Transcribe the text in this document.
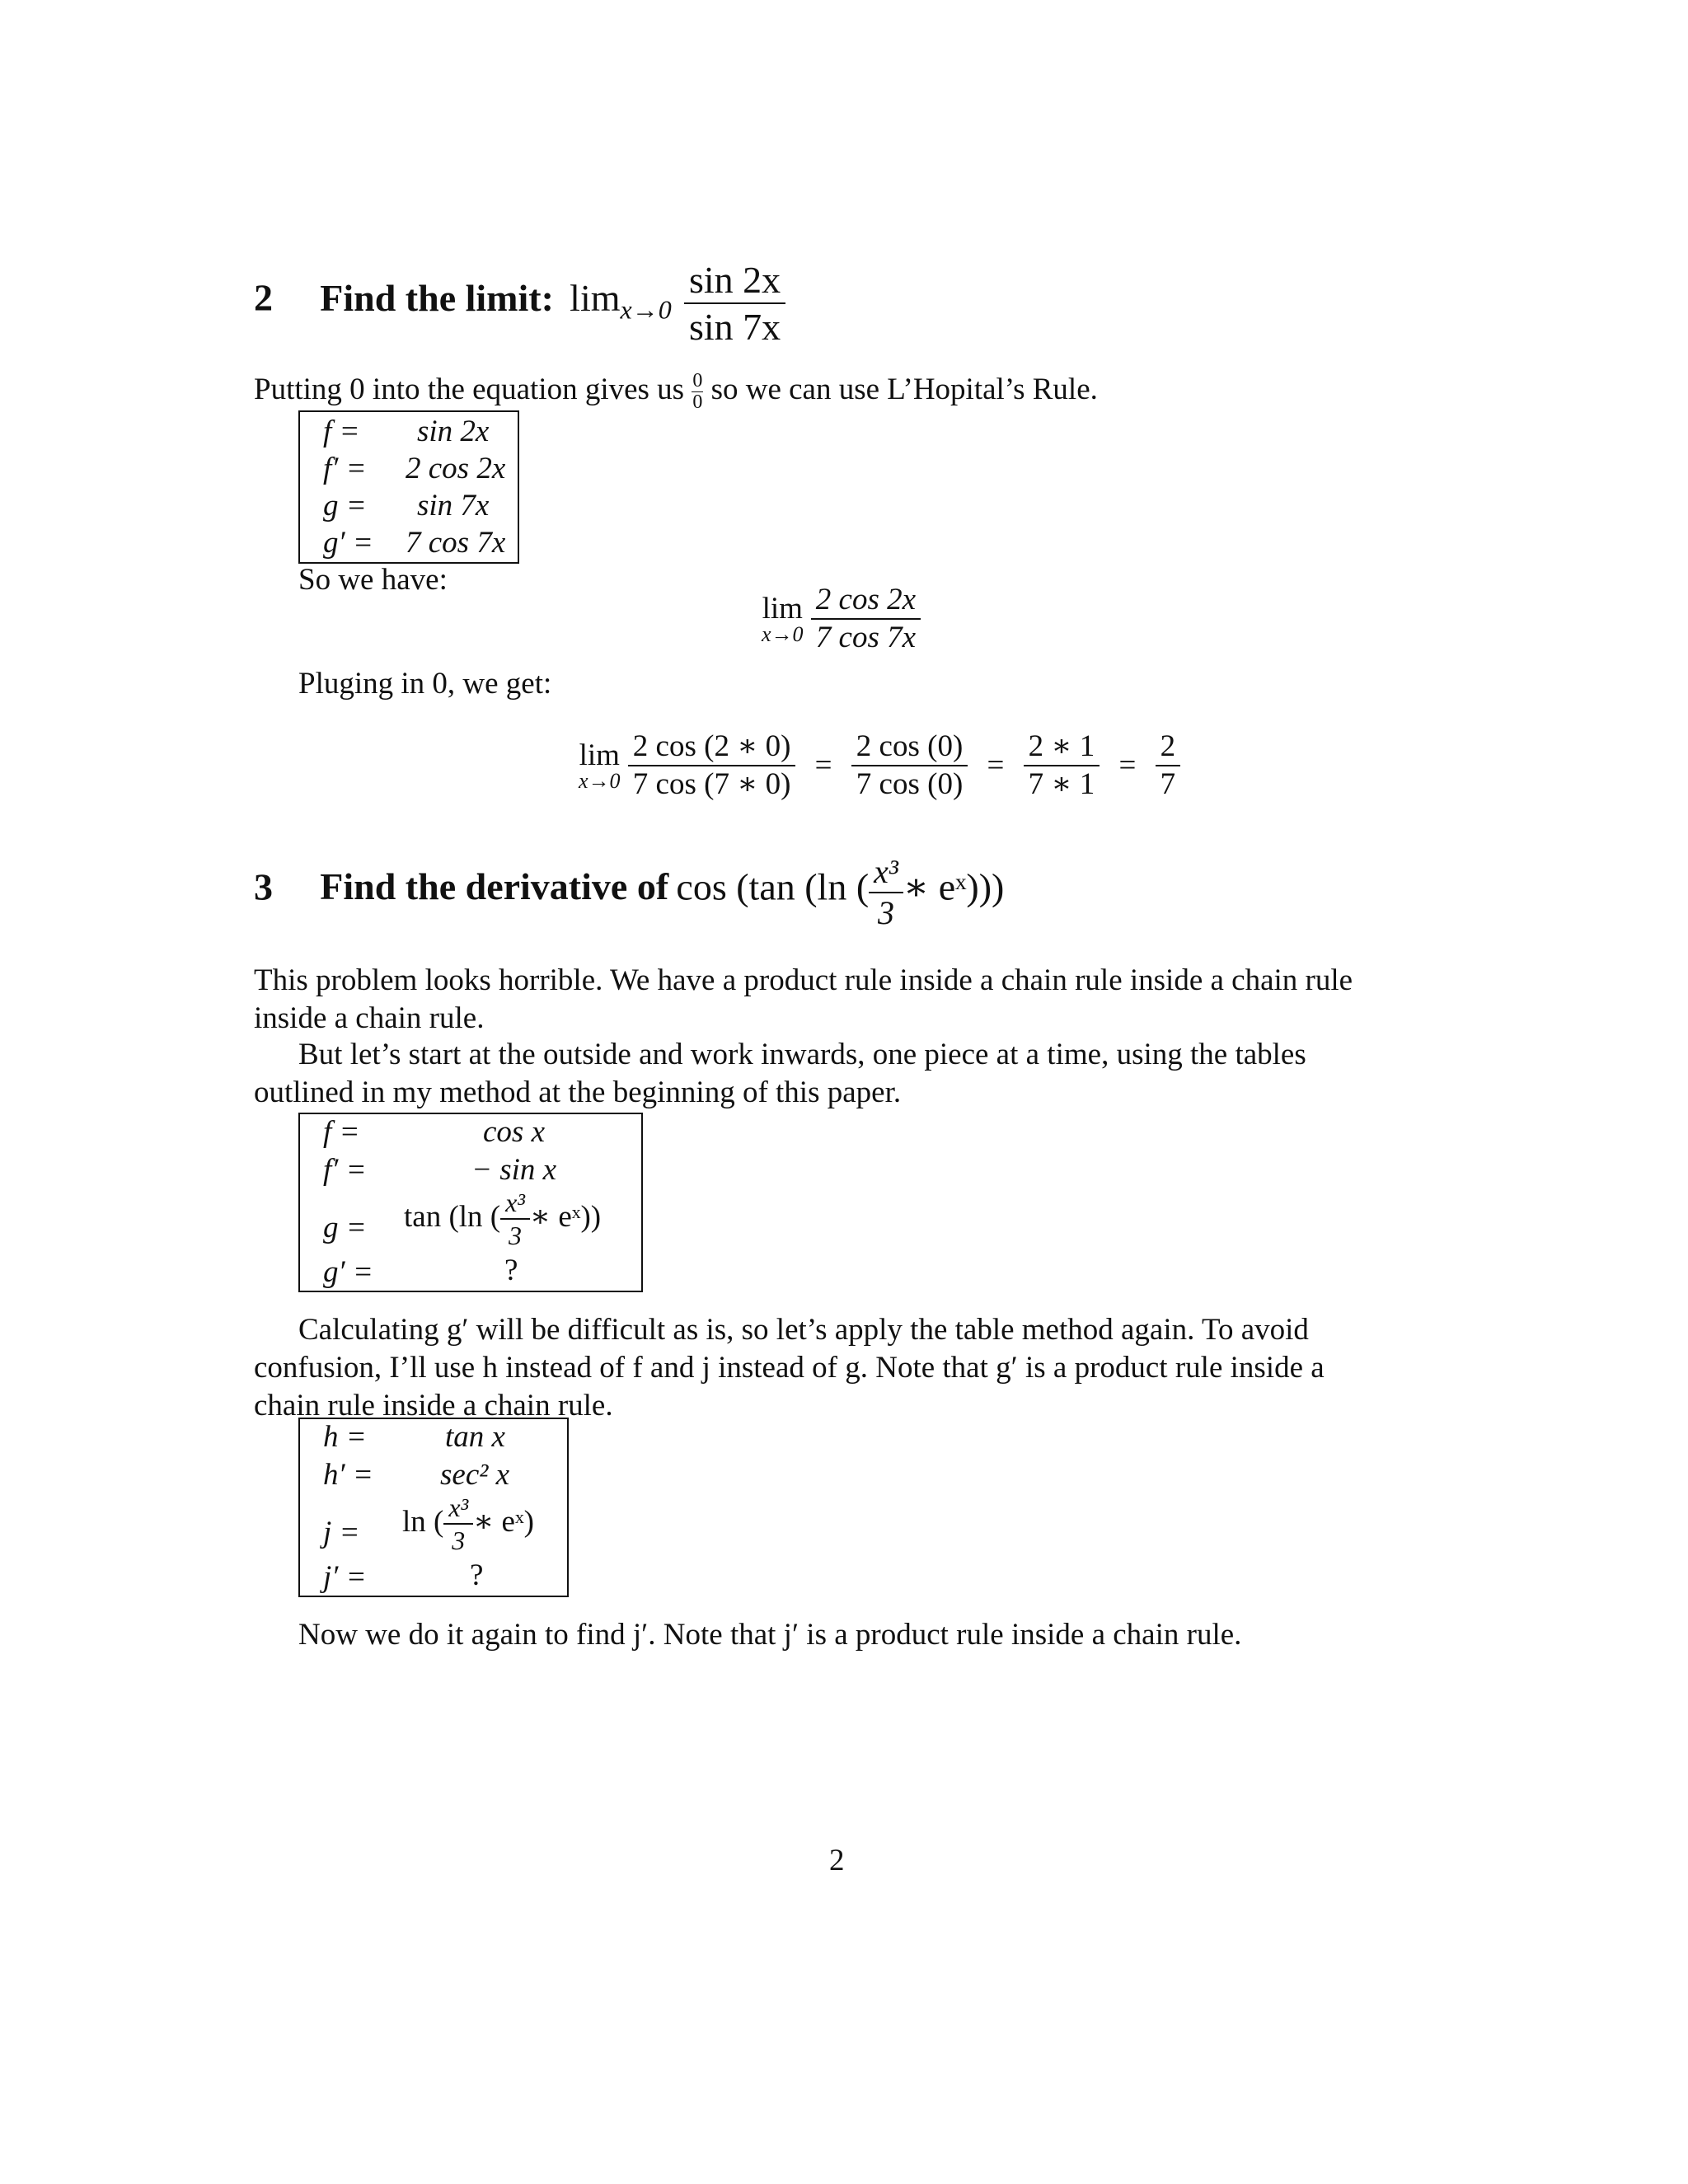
2 Find the limit: $\lim x\to 0 \frac{\sin 2x}{\sin 7x}$
Putting 0 into the equation gives us $\frac{0}{0}$ so we can use L’Hopital’s Rule.
f = sin 2x
f′ = 2 cos 2x
g = sin 7x
g′ = 7 cos 7x
So we have:
lim
x→0
$\frac{2 \cos 2x}{7 \cos 7x}$
Pluging in 0, we get:
lim
x→0
$\frac{2 \cos (2 ∗ 0)}{7 \cos (7 ∗ 0)} = \frac{2 \cos (0)}{7 \cos (0)} = \frac{2 ∗ 1}{7 ∗ 1} = \frac{2}{7}$
3 Find the derivative of cos (tan (ln ( $\frac{\text{x³}}{3}$ ∗ eˣ)))
This problem looks horrible. We have a product rule inside a chain rule inside a chain rule
inside a chain rule.
But let’s start at the outside and work inwards, one piece at a time, using the tables
outlined in my method at the beginning of this paper.
f =	cos x
f′ =	− sin x
g = tan (ln ( $\frac{\text{x³}}{3}$ ∗ eˣ))
g′ =	?
Calculating g′ will be difficult as is, so let’s apply the table method again. To avoid
confusion, I’ll use h instead of f and j instead of g. Note that g′ is a product rule inside a
chain rule inside a chain rule.
h =	tan x
h′ = sec² x
j = ln ( $\frac{\text{x³}}{3}$ ∗ eˣ)
j′ =	?
Now we do it again to find j′. Note that j′ is a product rule inside a chain rule.
2
